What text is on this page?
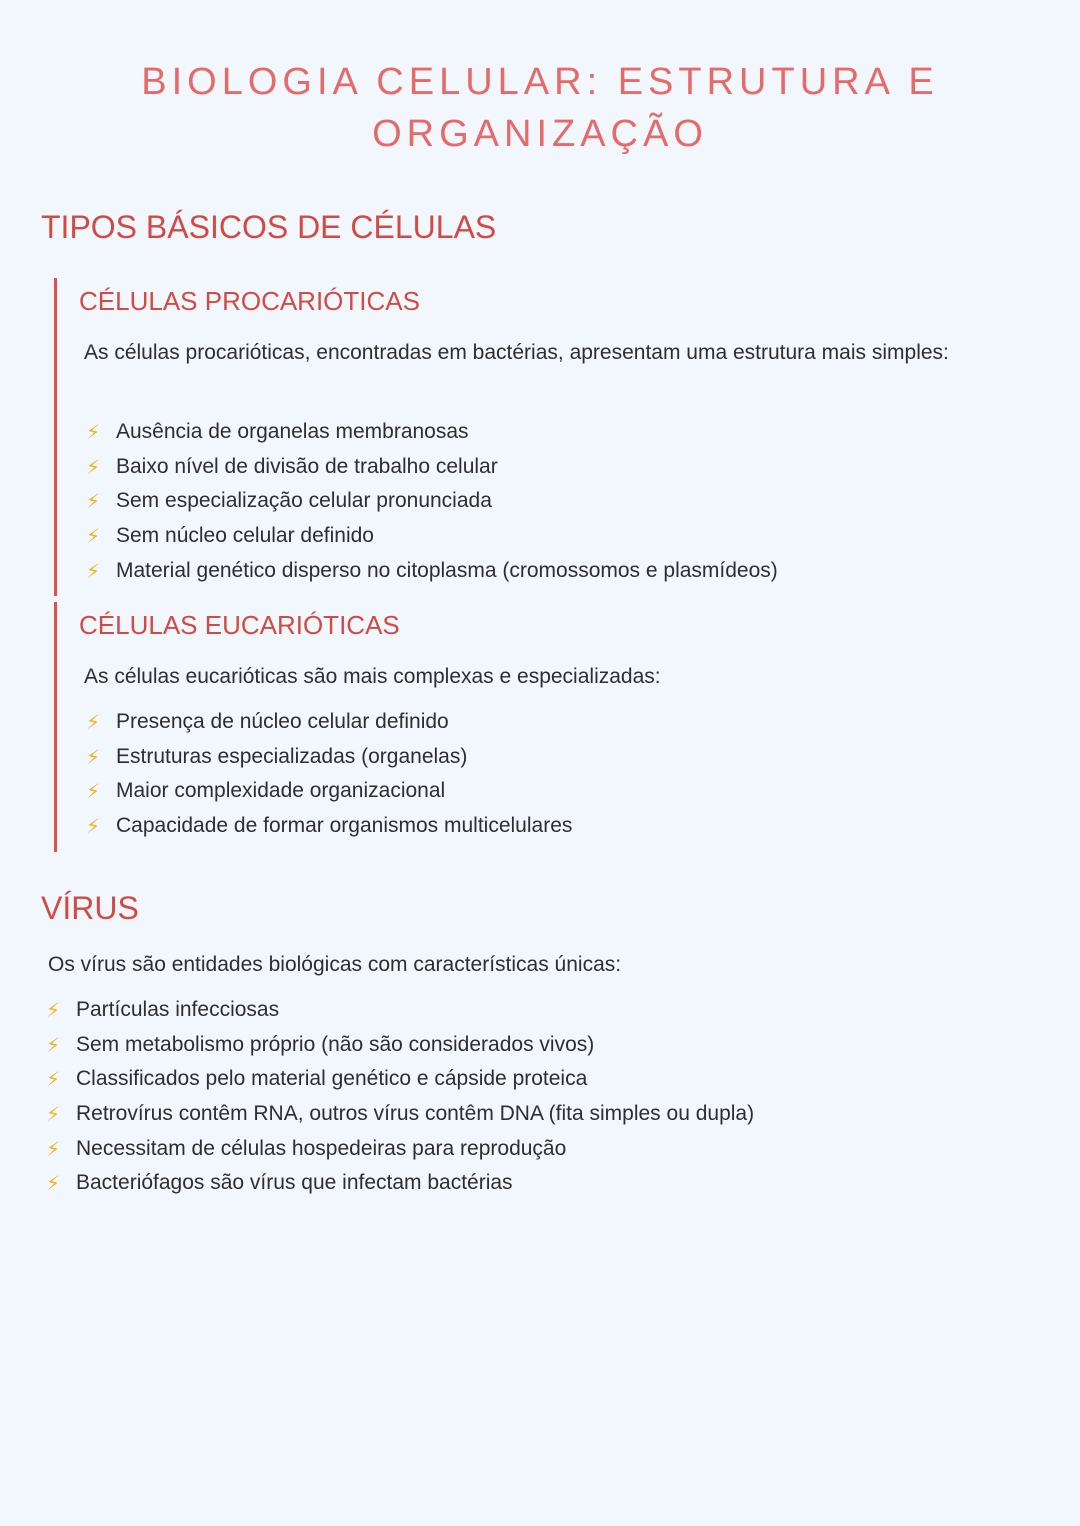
BIOLOGIA CELULAR: ESTRUTURA E ORGANIZAÇÃO
TIPOS BÁSICOS DE CÉLULAS
CÉLULAS PROCARIÓTICAS

As células procarióticas, encontradas em bactérias, apresentam uma estrutura mais simples:

⚡ Ausência de organelas membranosas
⚡ Baixo nível de divisão de trabalho celular
⚡ Sem especialização celular pronunciada
⚡ Sem núcleo celular definido
⚡ Material genético disperso no citoplasma (cromossomos e plasmídeos)
CÉLULAS EUCARIÓTICAS

As células eucarióticas são mais complexas e especializadas:

⚡ Presença de núcleo celular definido
⚡ Estruturas especializadas (organelas)
⚡ Maior complexidade organizacional
⚡ Capacidade de formar organismos multicelulares
VÍRUS

Os vírus são entidades biológicas com características únicas:

⚡ Partículas infecciosas
⚡ Sem metabolismo próprio (não são considerados vivos)
⚡ Classificados pelo material genético e cápside proteica
⚡ Retrovírus contêm RNA, outros vírus contêm DNA (fita simples ou dupla)
⚡ Necessitam de células hospedeiras para reprodução
⚡ Bacteriófagos são vírus que infectam bactérias
